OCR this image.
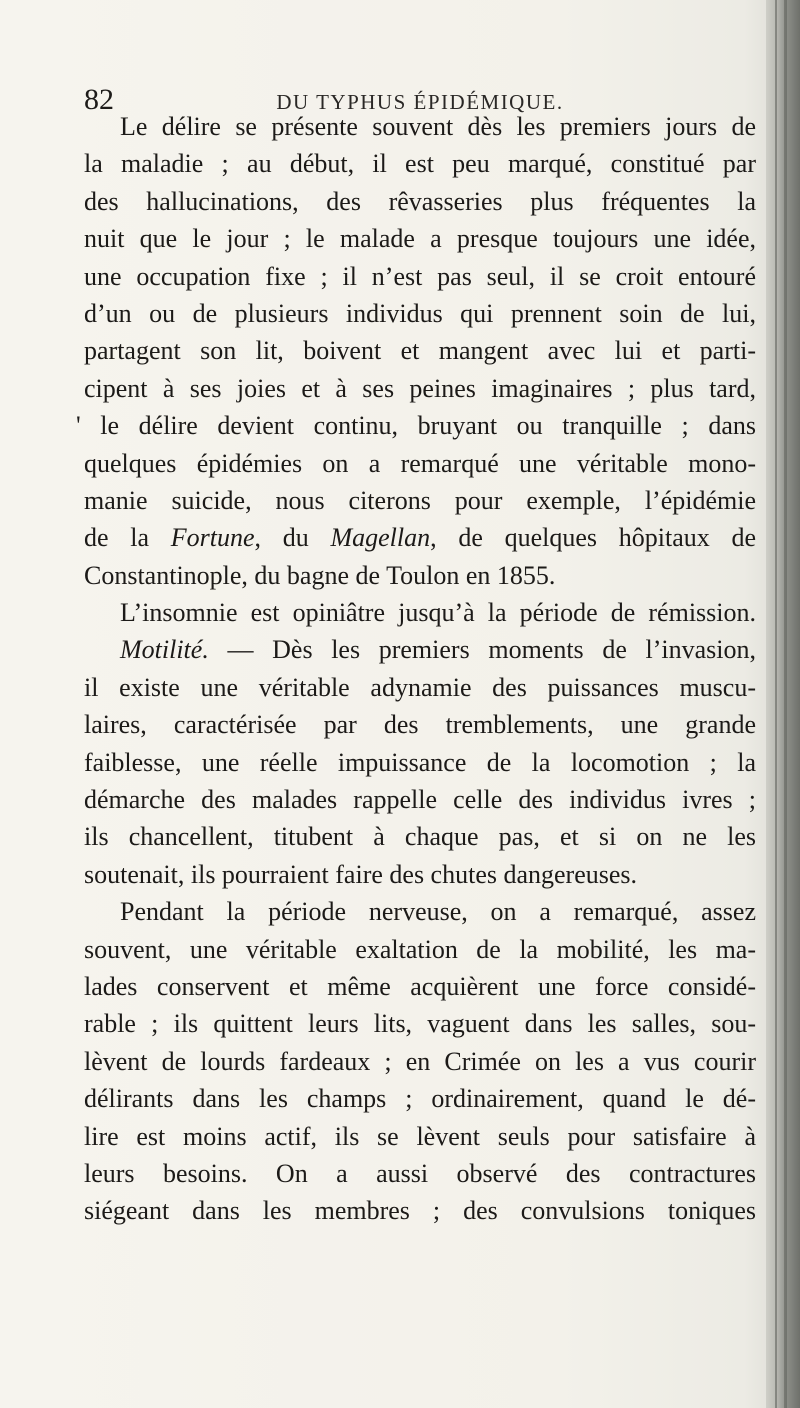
82	DU TYPHUS ÉPIDÉMIQUE.
Le délire se présente souvent dès les premiers jours de
la maladie ; au début, il est peu marqué, constitué par
des hallucinations, des rêvasseries plus fréquentes la
nuit que le jour ; le malade a presque toujours une idée,
une occupation fixe ; il n’est pas seul, il se croit entouré
d’un ou de plusieurs individus qui prennent soin de lui,
partagent son lit, boivent et mangent avec lui et parti-
cipent à ses joies et à ses peines imaginaires ; plus tard,
' le délire devient continu, bruyant ou tranquille ; dans
quelques épidémies on a remarqué une véritable mono-
manie suicide, nous citerons pour exemple, l’épidémie
de la Fortune, du Magellan, de quelques hôpitaux de
Constantinople, du bagne de Toulon en 1855.
L’insomnie est opiniâtre jusqu’à la période de rémission.
Motilité. — Dès les premiers moments de l’invasion,
il existe une véritable adynamie des puissances muscu-
laires, caractérisée par des tremblements, une grande
faiblesse, une réelle impuissance de la locomotion ; la
démarche des malades rappelle celle des individus ivres ;
ils chancellent, titubent à chaque pas, et si on ne les
soutenait, ils pourraient faire des chutes dangereuses.
Pendant la période nerveuse, on a remarqué, assez
souvent, une véritable exaltation de la mobilité, les ma-
lades conservent et même acquièrent une force considé-
rable ; ils quittent leurs lits, vaguent dans les salles, sou-
lèvent de lourds fardeaux ; en Crimée on les a vus courir
délirants dans les champs ; ordinairement, quand le dé-
lire est moins actif, ils se lèvent seuls pour satisfaire à
leurs besoins. On a aussi observé des contractures
siégeant dans les membres ; des convulsions toniques
